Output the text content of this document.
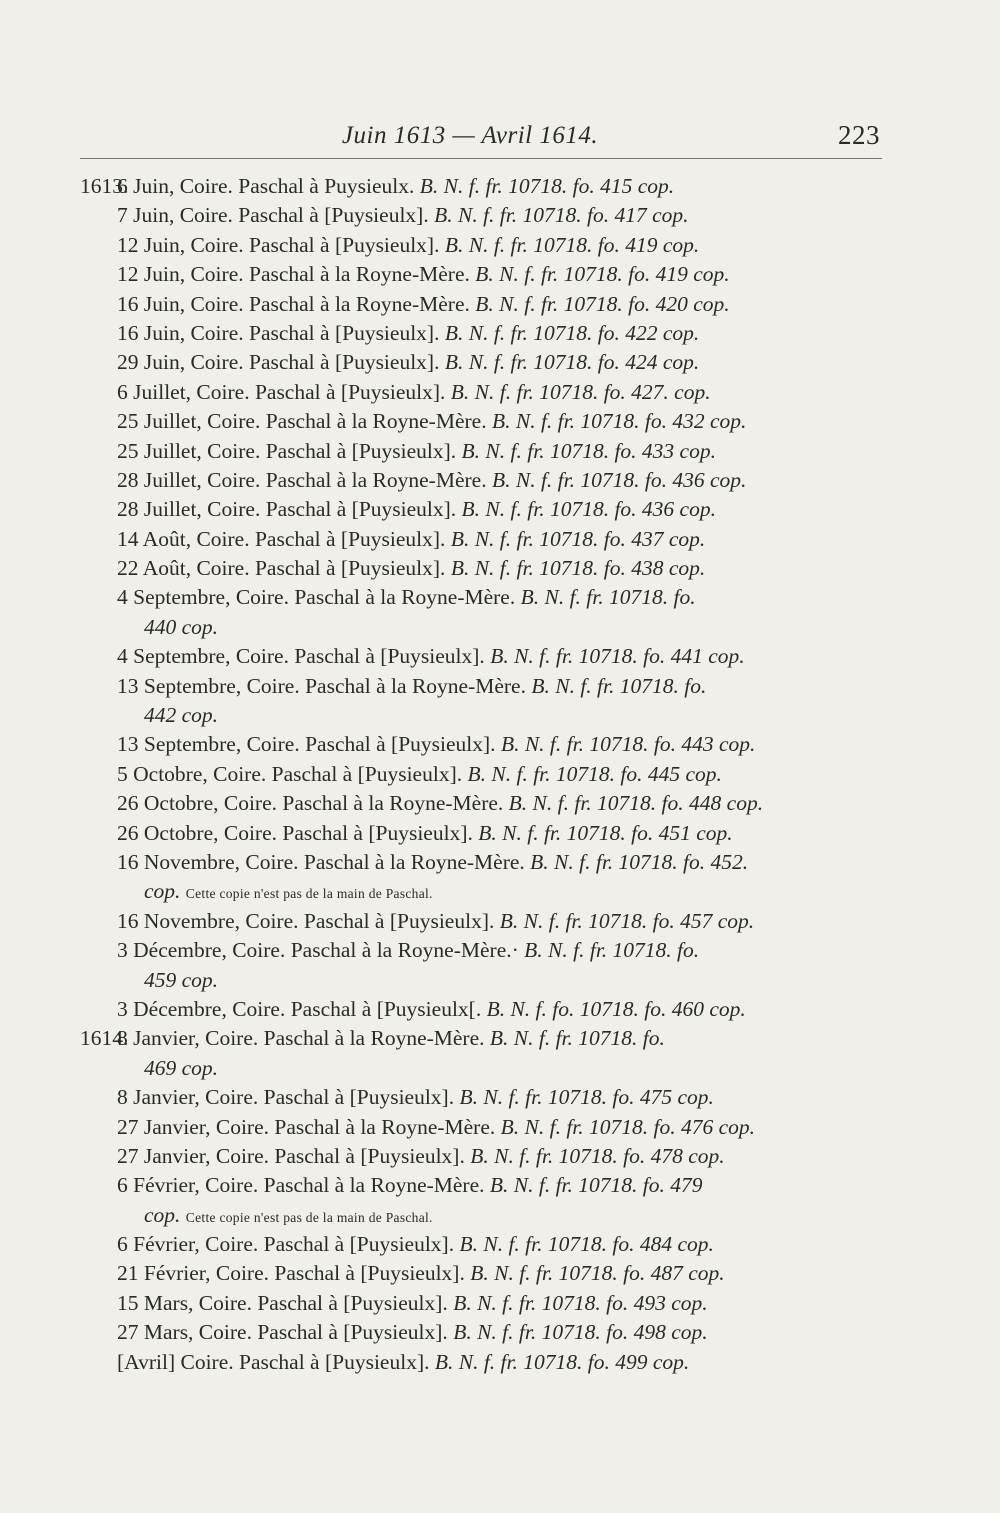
Juin 1613 — Avril 1614.	223
1613.
6 Juin, Coire. Paschal à Puysieulx. B. N. f. fr. 10718. fo. 415 cop.
7 Juin, Coire. Paschal à [Puysieulx]. B. N. f. fr. 10718. fo. 417 cop.
12 Juin, Coire. Paschal à [Puysieulx]. B. N. f. fr. 10718. fo. 419 cop.
12 Juin, Coire. Paschal à la Royne-Mère. B. N. f. fr. 10718. fo. 419 cop.
16 Juin, Coire. Paschal à la Royne-Mère. B. N. f. fr. 10718. fo. 420 cop.
16 Juin, Coire. Paschal à [Puysieulx]. B. N. f. fr. 10718. fo. 422 cop.
29 Juin, Coire. Paschal à [Puysieulx]. B. N. f. fr. 10718. fo. 424 cop.
6 Juillet, Coire. Paschal à [Puysieulx]. B. N. f. fr. 10718. fo. 427. cop.
25 Juillet, Coire. Paschal à la Royne-Mère. B. N. f. fr. 10718. fo. 432 cop.
25 Juillet, Coire. Paschal à [Puysieulx]. B. N. f. fr. 10718. fo. 433 cop.
28 Juillet, Coire. Paschal à la Royne-Mère. B. N. f. fr. 10718. fo. 436 cop.
28 Juillet, Coire. Paschal à [Puysieulx]. B. N. f. fr. 10718. fo. 436 cop.
14 Août, Coire. Paschal à [Puysieulx]. B. N. f. fr. 10718. fo. 437 cop.
22 Août, Coire. Paschal à [Puysieulx]. B. N. f. fr. 10718. fo. 438 cop.
4 Septembre, Coire. Paschal à la Royne-Mère. B. N. f. fr. 10718. fo.
440 cop.
4 Septembre, Coire. Paschal à [Puysieulx]. B. N. f. fr. 10718. fo. 441 cop.
13 Septembre, Coire. Paschal à la Royne-Mère. B. N. f. fr. 10718. fo.
442 cop.
13 Septembre, Coire. Paschal à [Puysieulx]. B. N. f. fr. 10718. fo. 443 cop.
5 Octobre, Coire. Paschal à [Puysieulx]. B. N. f. fr. 10718. fo. 445 cop.
26 Octobre, Coire. Paschal à la Royne-Mère. B. N. f. fr. 10718. fo. 448 cop.
26 Octobre, Coire. Paschal à [Puysieulx]. B. N. f. fr. 10718. fo. 451 cop.
16 Novembre, Coire. Paschal à la Royne-Mère. B. N. f. fr. 10718. fo. 452.
cop. Cette copie n'est pas de la main de Paschal.
16 Novembre, Coire. Paschal à [Puysieulx]. B. N. f. fr. 10718. fo. 457 cop.
3 Décembre, Coire. Paschal à la Royne-Mère.· B. N. f. fr. 10718. fo.
459 cop.
3 Décembre, Coire. Paschal à [Puysieulx[. B. N. f. fo. 10718. fo. 460 cop.
1614.
8 Janvier, Coire. Paschal à la Royne-Mère. B. N. f. fr. 10718. fo.
469 cop.
8 Janvier, Coire. Paschal à [Puysieulx]. B. N. f. fr. 10718. fo. 475 cop.
27 Janvier, Coire. Paschal à la Royne-Mère. B. N. f. fr. 10718. fo. 476 cop.
27 Janvier, Coire. Paschal à [Puysieulx]. B. N. f. fr. 10718. fo. 478 cop.
6 Février, Coire. Paschal à la Royne-Mère. B. N. f. fr. 10718. fo. 479
cop. Cette copie n'est pas de la main de Paschal.
6 Février, Coire. Paschal à [Puysieulx]. B. N. f. fr. 10718. fo. 484 cop.
21 Février, Coire. Paschal à [Puysieulx]. B. N. f. fr. 10718. fo. 487 cop.
15 Mars, Coire. Paschal à [Puysieulx]. B. N. f. fr. 10718. fo. 493 cop.
27 Mars, Coire. Paschal à [Puysieulx]. B. N. f. fr. 10718. fo. 498 cop.
[Avril] Coire. Paschal à [Puysieulx]. B. N. f. fr. 10718. fo. 499 cop.
